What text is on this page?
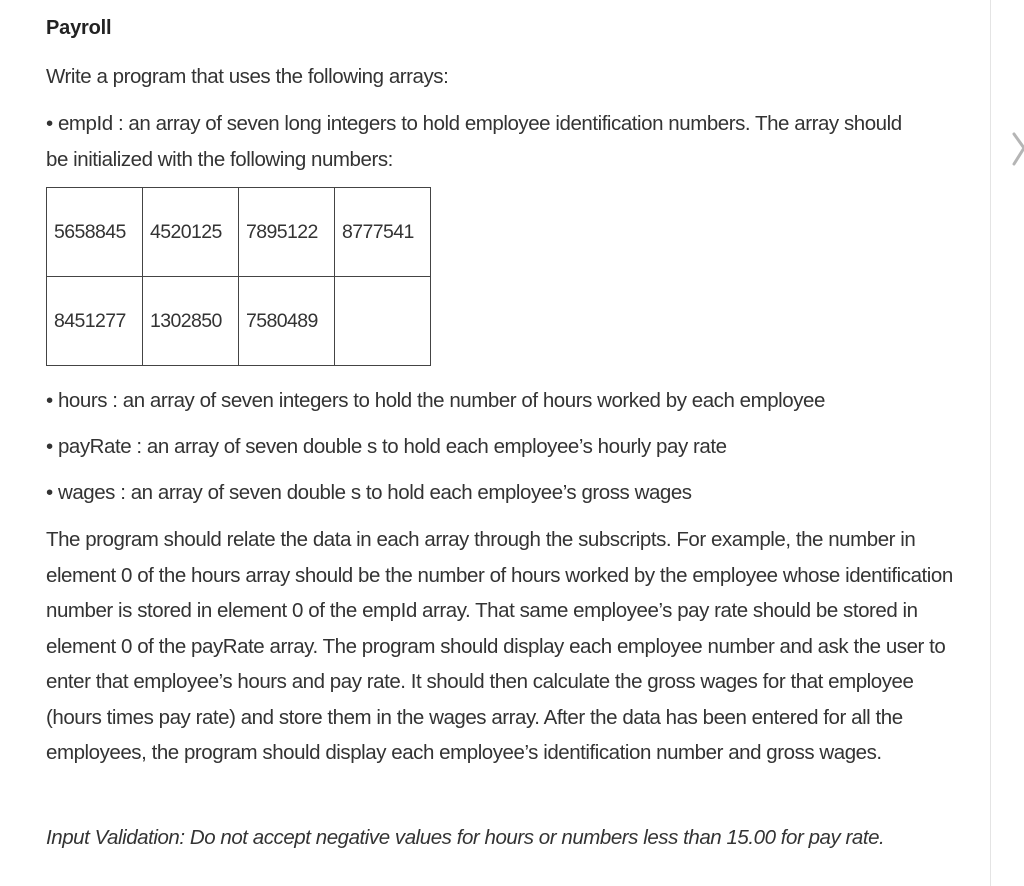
Payroll

Write a program that uses the following arrays:

• empId : an array of seven long integers to hold employee identification numbers. The array should be initialized with the following numbers:

5658845	4520125	7895122	8777541
8451277	1302850	7580489	

• hours : an array of seven integers to hold the number of hours worked by each employee

• payRate : an array of seven double s to hold each employee’s hourly pay rate

• wages : an array of seven double s to hold each employee’s gross wages

The program should relate the data in each array through the subscripts. For example, the number in element 0 of the hours array should be the number of hours worked by the employee whose identification number is stored in element 0 of the empId array. That same employee’s pay rate should be stored in element 0 of the payRate array. The program should display each employee number and ask the user to enter that employee’s hours and pay rate. It should then calculate the gross wages for that employee (hours times pay rate) and store them in the wages array. After the data has been entered for all the employees, the program should display each employee’s identification number and gross wages.

Input Validation: Do not accept negative values for hours or numbers less than 15.00 for pay rate.
